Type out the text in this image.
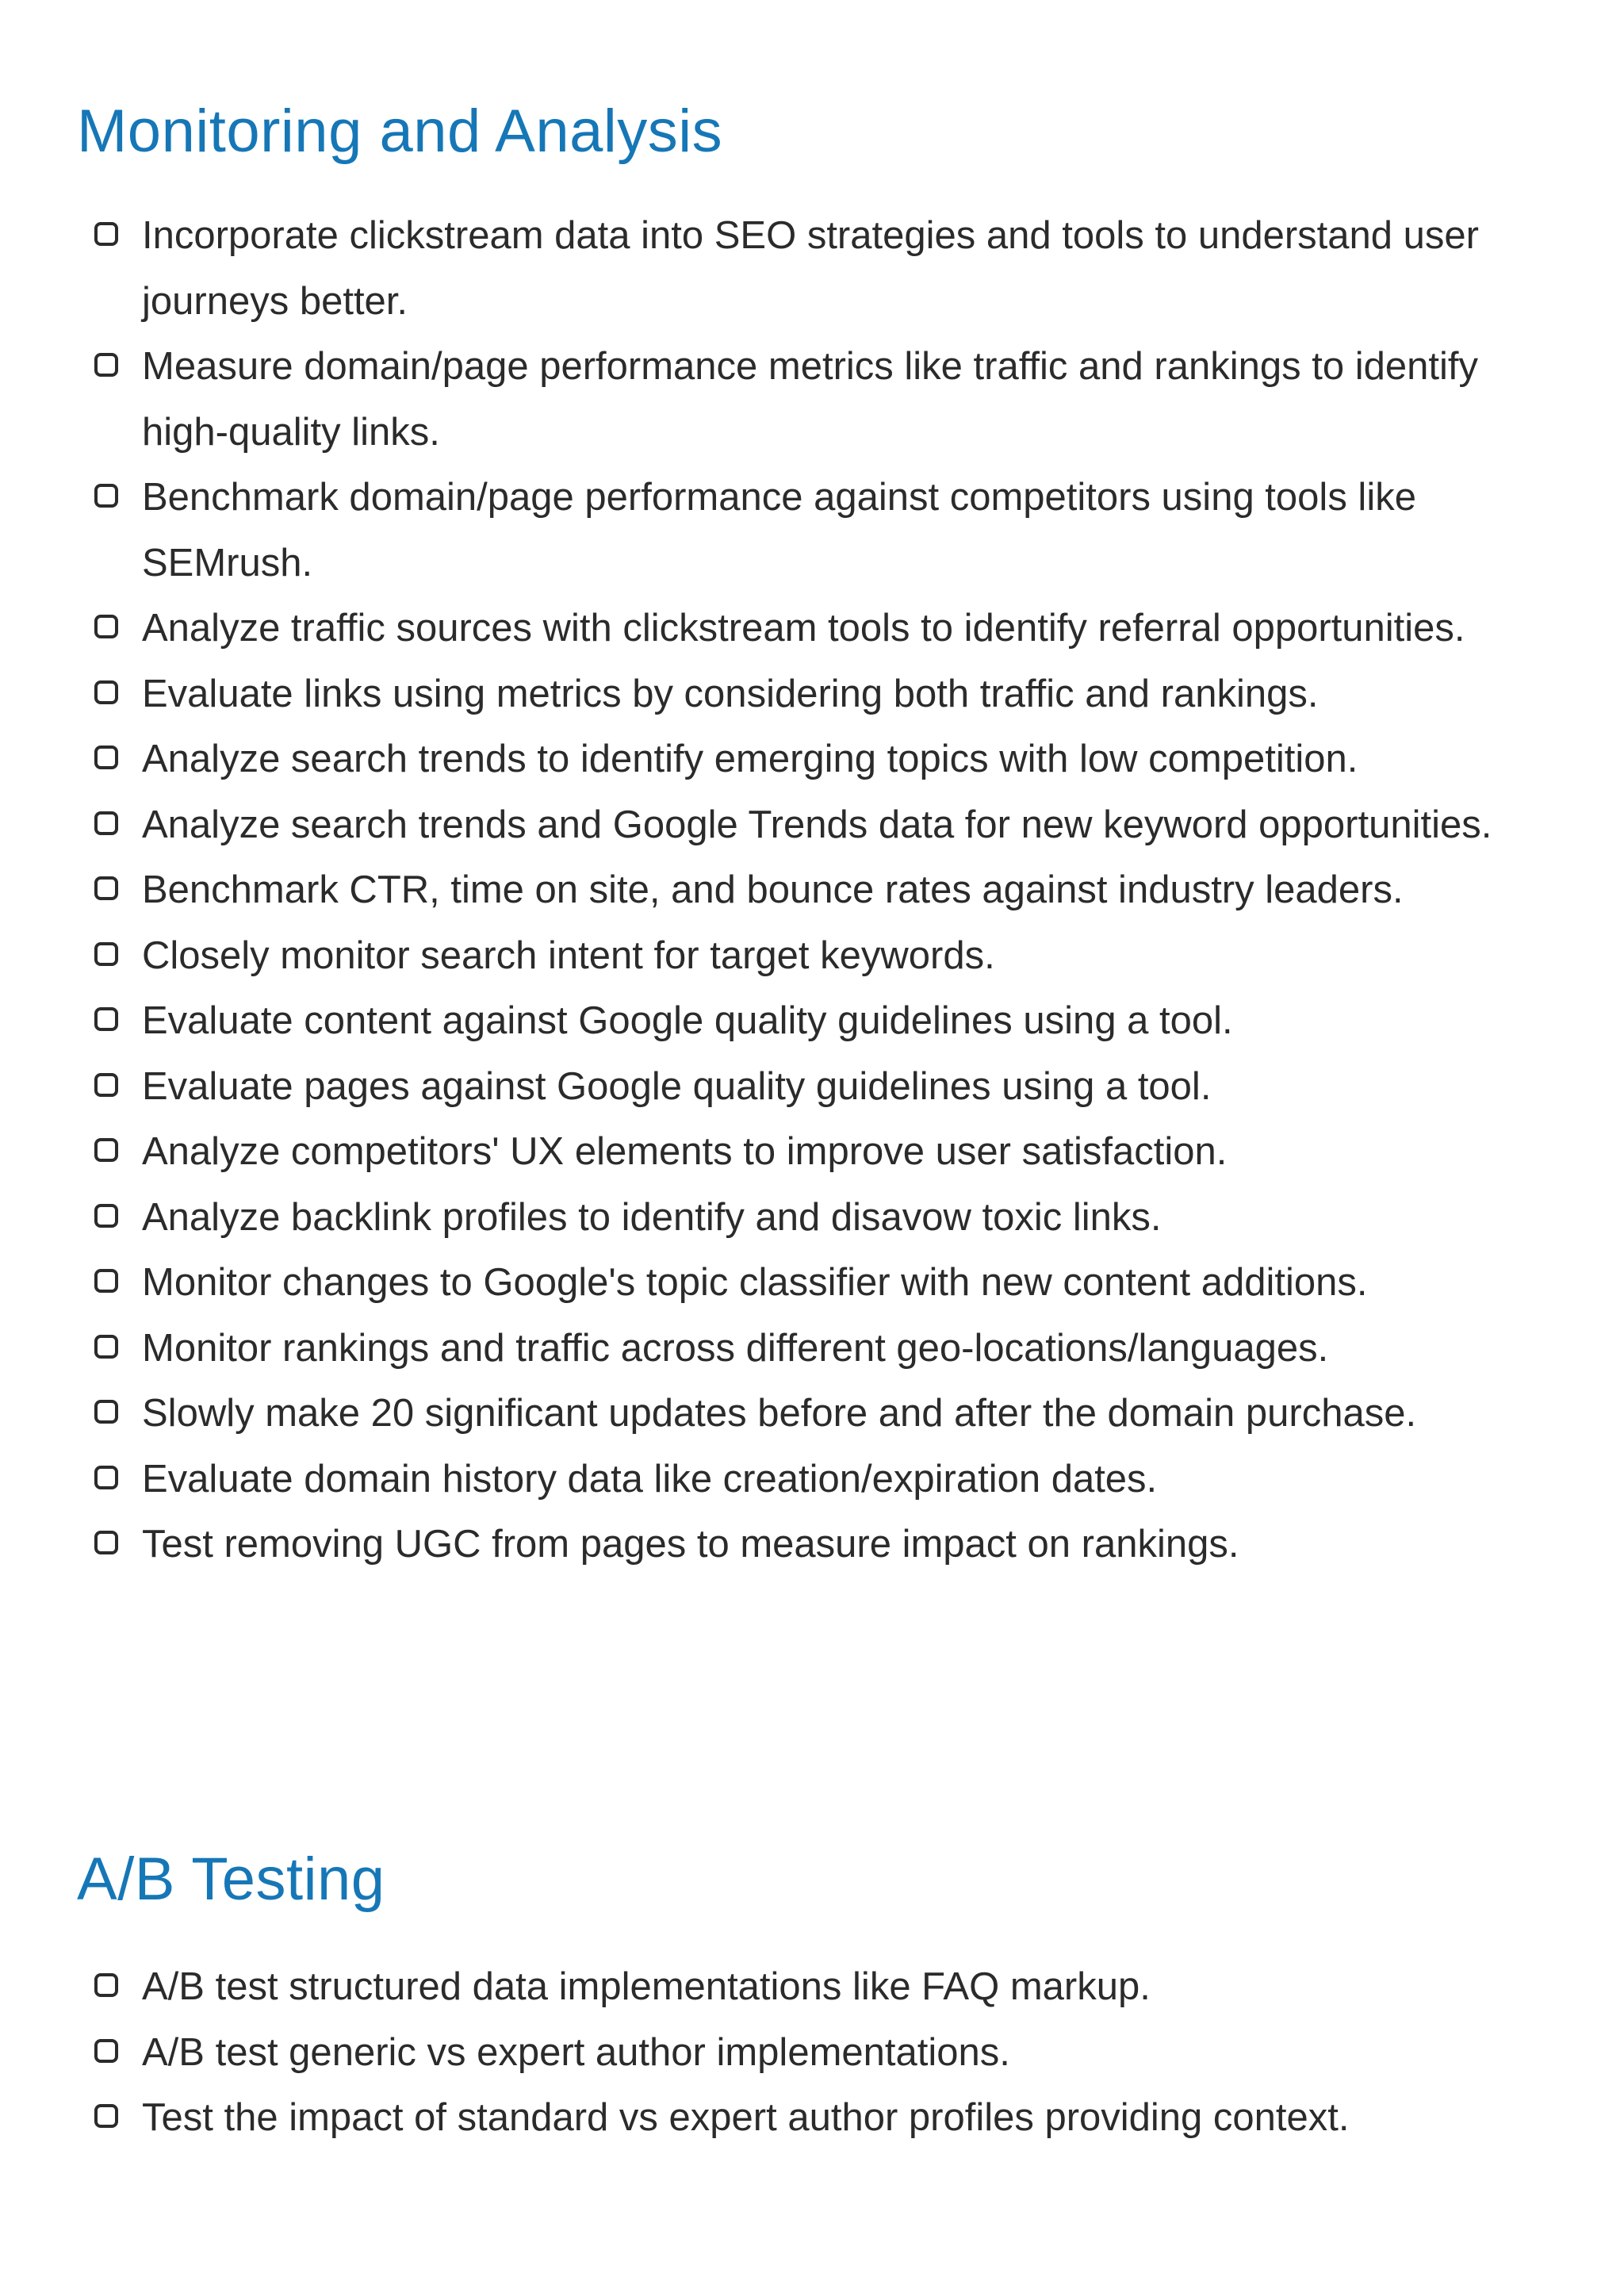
Monitoring and Analysis
Incorporate clickstream data into SEO strategies and tools to understand user journeys better.
Measure domain/page performance metrics like traffic and rankings to identify high-quality links.
Benchmark domain/page performance against competitors using tools like SEMrush.
Analyze traffic sources with clickstream tools to identify referral opportunities.
Evaluate links using metrics by considering both traffic and rankings.
Analyze search trends to identify emerging topics with low competition.
Analyze search trends and Google Trends data for new keyword opportunities.
Benchmark CTR, time on site, and bounce rates against industry leaders.
Closely monitor search intent for target keywords.
Evaluate content against Google quality guidelines using a tool.
Evaluate pages against Google quality guidelines using a tool.
Analyze competitors' UX elements to improve user satisfaction.
Analyze backlink profiles to identify and disavow toxic links.
Monitor changes to Google's topic classifier with new content additions.
Monitor rankings and traffic across different geo-locations/languages.
Slowly make 20 significant updates before and after the domain purchase.
Evaluate domain history data like creation/expiration dates.
Test removing UGC from pages to measure impact on rankings.
A/B Testing
A/B test structured data implementations like FAQ markup.
A/B test generic vs expert author implementations.
Test the impact of standard vs expert author profiles providing context.
